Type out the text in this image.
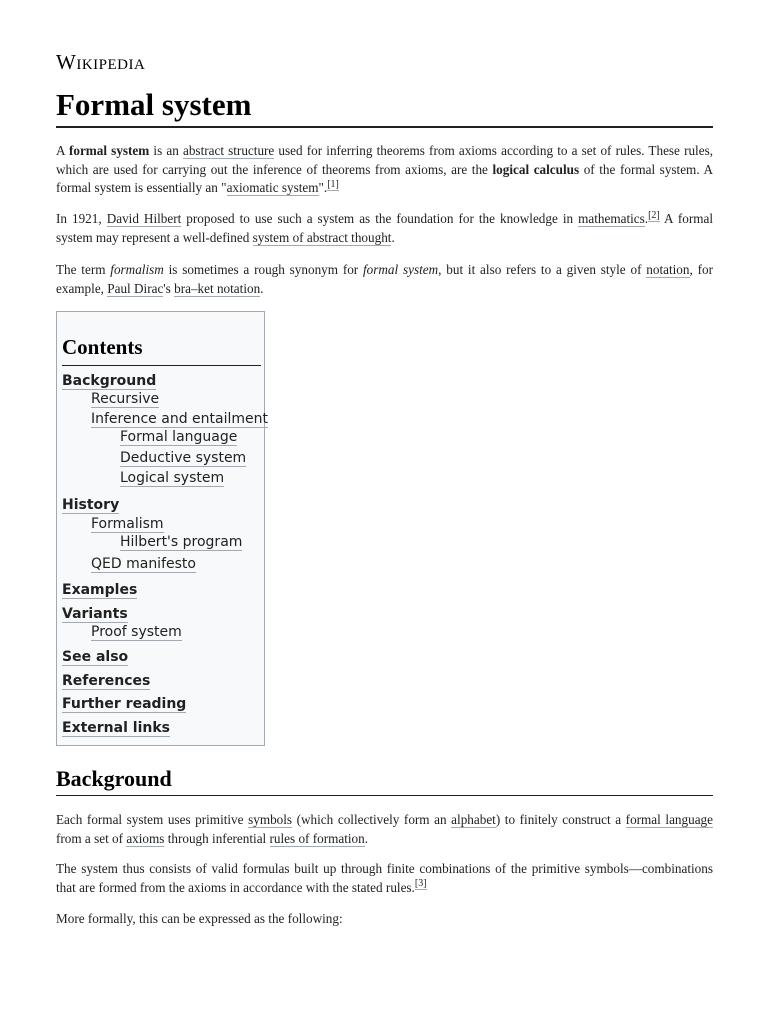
Wikipedia
Formal system

A formal system is an abstract structure used for inferring theorems from axioms according to a set of rules. These rules, which are used for carrying out the inference of theorems from axioms, are the logical calculus of the formal system. A formal system is essentially an "axiomatic system".[1]

In 1921, David Hilbert proposed to use such a system as the foundation for the knowledge in mathematics.[2] A formal system may represent a well-defined system of abstract thought.

The term formalism is sometimes a rough synonym for formal system, but it also refers to a given style of notation, for example, Paul Dirac's bra–ket notation.

Contents
Background
Recursive
Inference and entailment
Formal language
Deductive system
Logical system
History
Formalism
Hilbert's program
QED manifesto
Examples
Variants
Proof system
See also
References
Further reading
External links
Background

Each formal system uses primitive symbols (which collectively form an alphabet) to finitely construct a formal language from a set of axioms through inferential rules of formation.

The system thus consists of valid formulas built up through finite combinations of the primitive symbols—combinations that are formed from the axioms in accordance with the stated rules.[3]

More formally, this can be expressed as the following:
